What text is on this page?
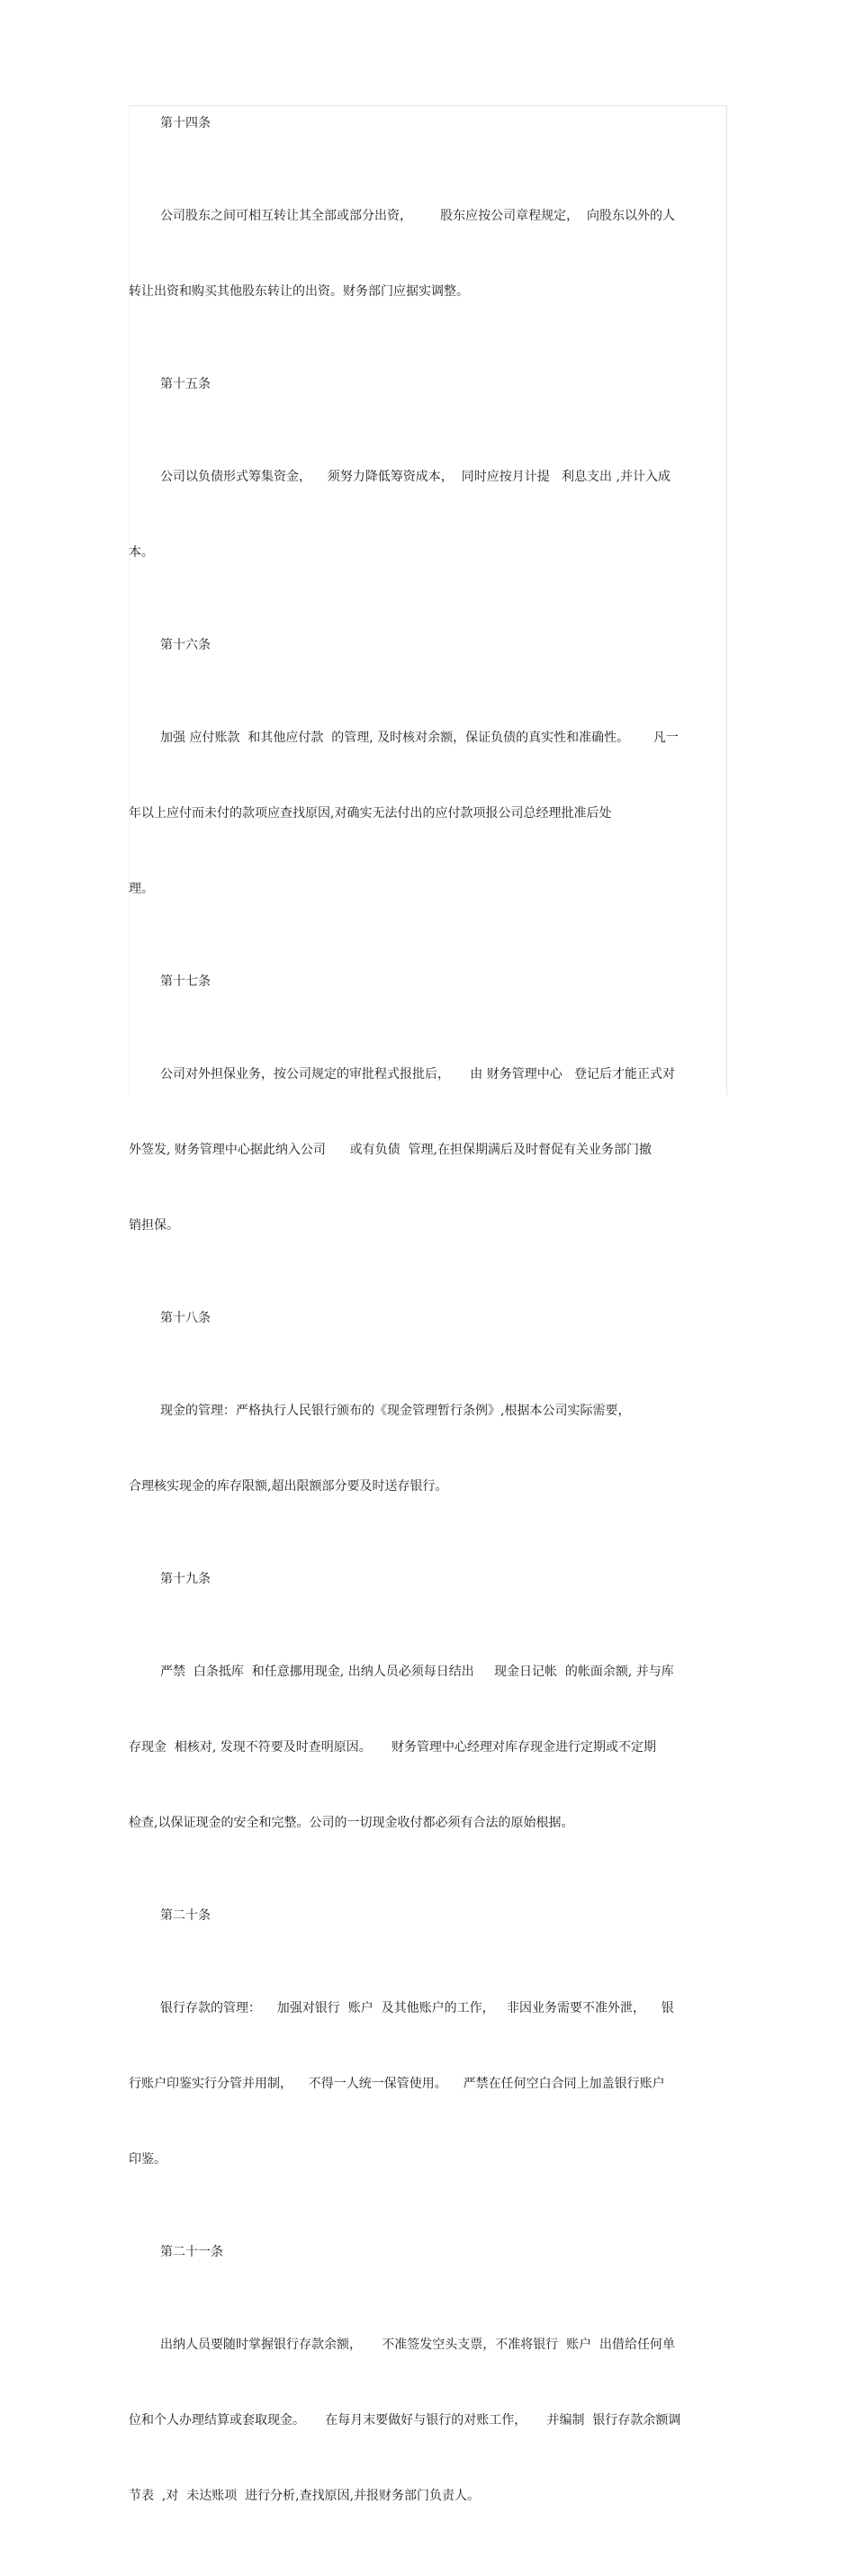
第十四条

公司股东之间可相互转让其全部或部分出资，       股东应按公司章程规定，  向股东以外的人

转让出资和购买其他股东转让的出资。财务部门应据实调整。

第十五条

公司以负债形式筹集资金，    须努力降低筹资成本，  同时应按月计提   利息支出 ,并计入成

本。

第十六条

加强 应付账款  和其他应付款  的管理, 及时核对余额，保证负债的真实性和准确性。      凡一

年以上应付而未付的款项应查找原因,对确实无法付出的应付款项报公司总经理批准后处

理。

第十七条

公司对外担保业务，按公司规定的审批程式报批后，     由 财务管理中心   登记后才能正式对

外签发, 财务管理中心据此纳入公司      或有负债  管理,在担保期满后及时督促有关业务部门撤

销担保。

第十八条

现金的管理：严格执行人民银行颁布的《现金管理暂行条例》,根据本公司实际需要，

合理核实现金的库存限额,超出限额部分要及时送存银行。

第十九条

严禁  白条抵库  和任意挪用现金, 出纳人员必须每日结出     现金日记帐  的帐面余额, 并与库

存现金  相核对, 发现不符要及时查明原因。     财务管理中心经理对库存现金进行定期或不定期

检查,以保证现金的安全和完整。公司的一切现金收付都必须有合法的原始根据。

第二十条

银行存款的管理：    加强对银行  账户  及其他账户的工作，   非因业务需要不准外泄，    银

行账户印鉴实行分管并用制，    不得一人统一保管使用。    严禁在任何空白合同上加盖银行账户

印鉴。

第二十一条

出纳人员要随时掌握银行存款余额，     不准签发空头支票，不准将银行  账户  出借给任何单

位和个人办理结算或套取现金。     在每月末要做好与银行的对账工作，     并编制  银行存款余额调

节表  ,对  未达账项  进行分析,查找原因,并报财务部门负责人。
